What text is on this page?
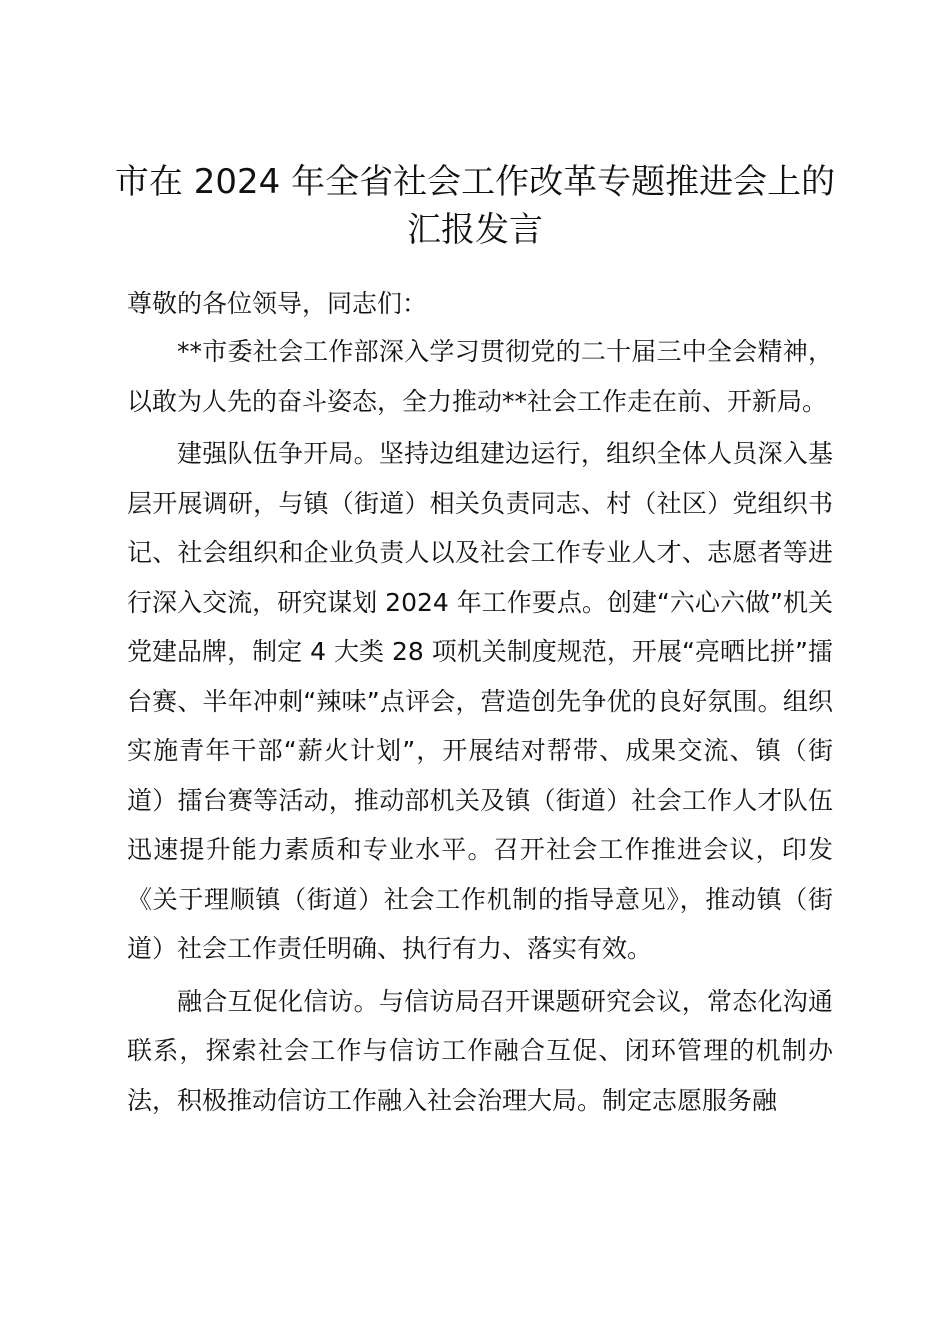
市在 2024 年全省社会工作改革专题推进会上的汇报发言

尊敬的各位领导，同志们：

**市委社会工作部深入学习贯彻党的二十届三中全会精神，以敢为人先的奋斗姿态，全力推动**社会工作走在前、开新局。

建强队伍争开局。坚持边组建边运行，组织全体人员深入基层开展调研，与镇（街道）相关负责同志、村（社区）党组织书记、社会组织和企业负责人以及社会工作专业人才、志愿者等进行深入交流，研究谋划 2024 年工作要点。创建“六心六做”机关党建品牌，制定 4 大类 28 项机关制度规范，开展“亮晒比拼”擂台赛、半年冲刺“辣味”点评会，营造创先争优的良好氛围。组织实施青年干部“薪火计划”，开展结对帮带、成果交流、镇（街道）擂台赛等活动，推动部机关及镇（街道）社会工作人才队伍迅速提升能力素质和专业水平。召开社会工作推进会议，印发《关于理顺镇（街道）社会工作机制的指导意见》，推动镇（街道）社会工作责任明确、执行有力、落实有效。

融合互促化信访。与信访局召开课题研究会议，常态化沟通联系，探索社会工作与信访工作融合互促、闭环管理的机制办法，积极推动信访工作融入社会治理大局。制定志愿服务融
